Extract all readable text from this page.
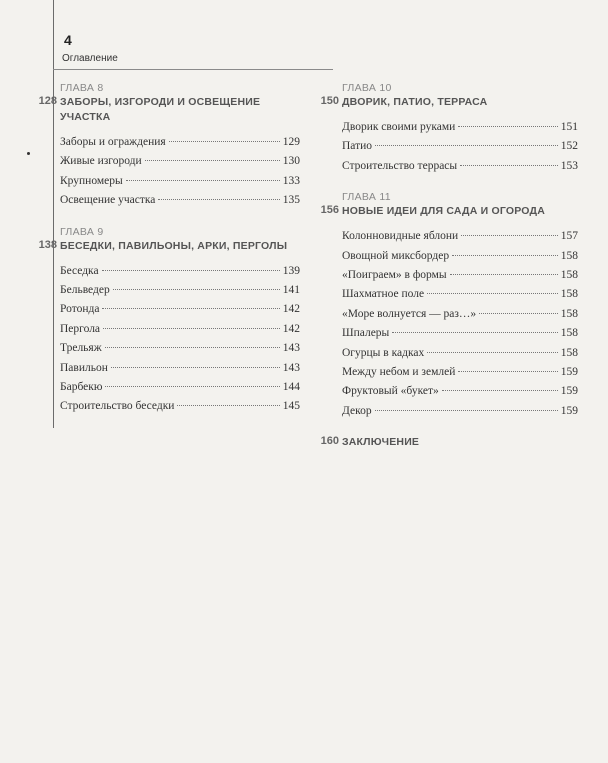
4
Оглавление
128
ГЛАВА 8
ЗАБОРЫ, ИЗГОРОДИ И ОСВЕЩЕНИЕ УЧАСТКА
Заборы и ограждения	129
Живые изгороди	130
Крупномеры	133
Освещение участка	135
138
ГЛАВА 9
БЕСЕДКИ, ПАВИЛЬОНЫ, АРКИ, ПЕРГОЛЫ
Беседка	139
Бельведер	141
Ротонда	142
Пергола	142
Трельяж	143
Павильон	143
Барбекю	144
Строительство беседки	145
150
ГЛАВА 10
ДВОРИК, ПАТИО, ТЕРРАСА
Дворик своими руками	151
Патио	152
Строительство террасы	153
156
ГЛАВА 11
НОВЫЕ ИДЕИ ДЛЯ САДА И ОГОРОДА
Колонновидные яблони	157
Овощной миксбордер	158
«Поиграем» в формы	158
Шахматное поле	158
«Море волнуется — раз…»	158
Шпалеры	158
Огурцы в кадках	158
Между небом и землей	159
Фруктовый «букет»	159
Декор	159
160 ЗАКЛЮЧЕНИЕ
